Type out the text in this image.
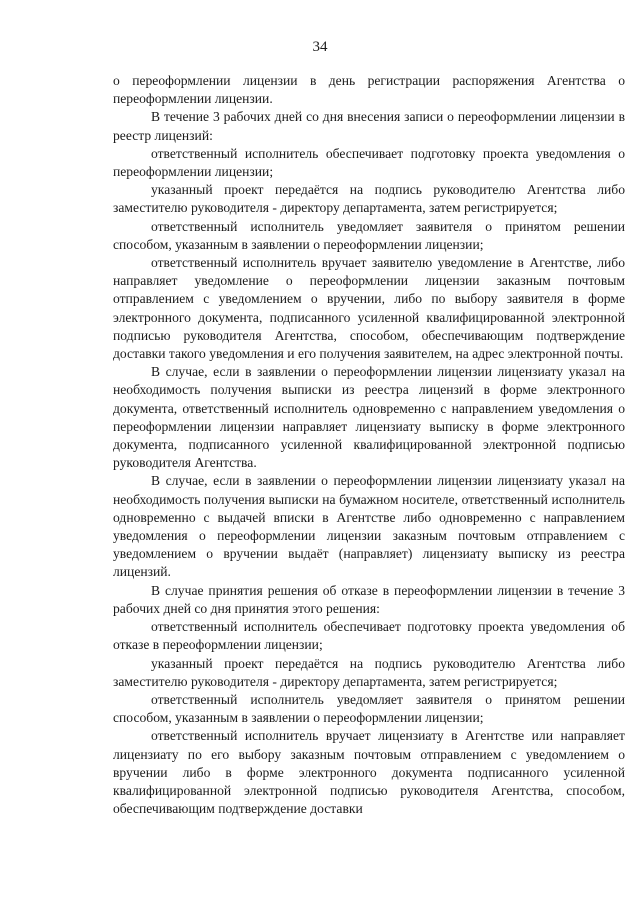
34

о переоформлении лицензии в день регистрации распоряжения Агентства о переоформлении лицензии.

В течение 3 рабочих дней со дня внесения записи о переоформлении лицензии в реестр лицензий:

ответственный исполнитель обеспечивает подготовку проекта уведомления о переоформлении лицензии;

указанный проект передаётся на подпись руководителю Агентства либо заместителю руководителя - директору департамента, затем регистрируется;

ответственный исполнитель уведомляет заявителя о принятом решении способом, указанным в заявлении о переоформлении лицензии;

ответственный исполнитель вручает заявителю уведомление в Агентстве, либо направляет уведомление о переоформлении лицензии заказным почтовым отправлением с уведомлением о вручении, либо по выбору заявителя в форме электронного документа, подписанного усиленной квалифицированной электронной подписью руководителя Агентства, способом, обеспечивающим подтверждение доставки такого уведомления и его получения заявителем, на адрес электронной почты.

В случае, если в заявлении о переоформлении лицензии лицензиату указал на необходимость получения выписки из реестра лицензий в форме электронного документа, ответственный исполнитель одновременно с направлением уведомления о переоформлении лицензии направляет лицензиату выписку в форме электронного документа, подписанного усиленной квалифицированной электронной подписью руководителя Агентства.

В случае, если в заявлении о переоформлении лицензии лицензиату указал на необходимость получения выписки на бумажном носителе, ответственный исполнитель одновременно с выдачей вписки в Агентстве либо одновременно с направлением уведомления о переоформлении лицензии заказным почтовым отправлением с уведомлением о вручении выдаёт (направляет) лицензиату выписку из реестра лицензий.

В случае принятия решения об отказе в переоформлении лицензии в течение 3 рабочих дней со дня принятия этого решения:

ответственный исполнитель обеспечивает подготовку проекта уведомления об отказе в переоформлении лицензии;

указанный проект передаётся на подпись руководителю Агентства либо заместителю руководителя - директору департамента, затем регистрируется;

ответственный исполнитель уведомляет заявителя о принятом решении способом, указанным в заявлении о переоформлении лицензии;

ответственный исполнитель вручает лицензиату в Агентстве или направляет лицензиату по его выбору заказным почтовым отправлением с уведомлением о вручении либо в форме электронного документа подписанного усиленной квалифицированной электронной подписью руководителя Агентства, способом, обеспечивающим подтверждение доставки
